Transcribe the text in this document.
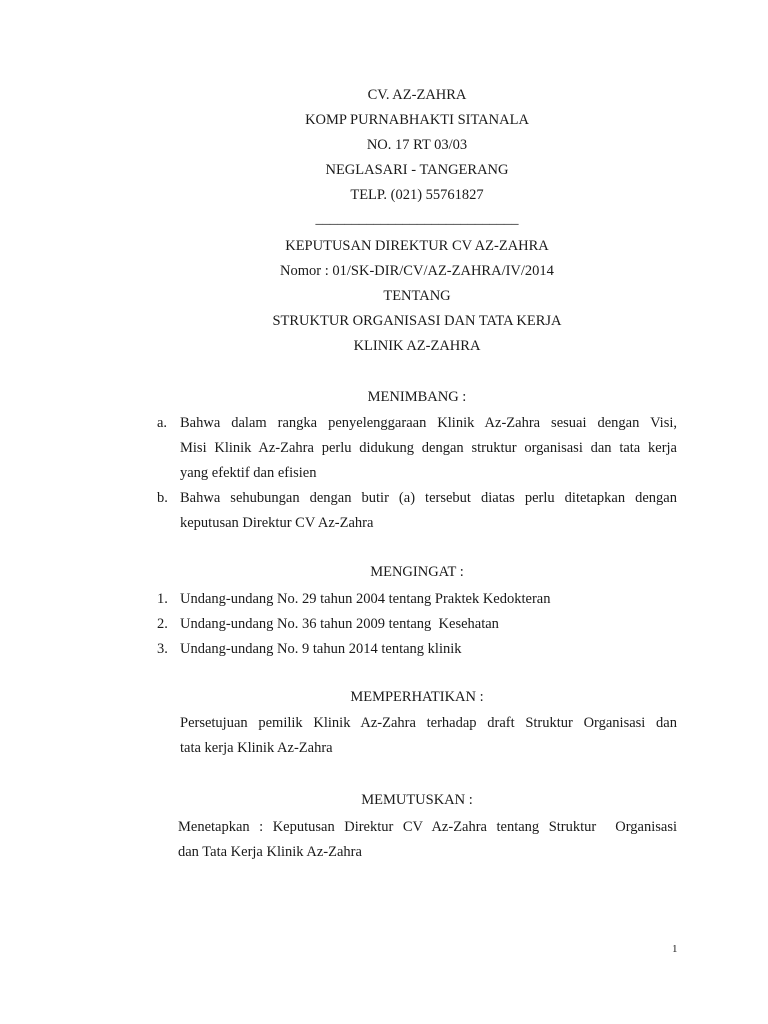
CV. AZ-ZAHRA
KOMP PURNABHAKTI SITANALA
NO. 17 RT 03/03
NEGLASARI - TANGERANG
TELP. (021) 55761827
____________________________
KEPUTUSAN DIREKTUR CV AZ-ZAHRA
Nomor : 01/SK-DIR/CV/AZ-ZAHRA/IV/2014
TENTANG
STRUKTUR ORGANISASI DAN TATA KERJA
KLINIK AZ-ZAHRA
MENIMBANG :
a. Bahwa dalam rangka penyelenggaraan Klinik Az-Zahra sesuai dengan Visi,
Misi Klinik Az-Zahra perlu didukung dengan struktur organisasi dan tata kerja
yang efektif dan efisien
b. Bahwa sehubungan dengan butir (a) tersebut diatas perlu ditetapkan dengan
keputusan Direktur CV Az-Zahra
MENGINGAT :
1. Undang-undang No. 29 tahun 2004 tentang Praktek Kedokteran
2. Undang-undang No. 36 tahun 2009 tentang  Kesehatan
3. Undang-undang No. 9 tahun 2014 tentang klinik
MEMPERHATIKAN :
Persetujuan pemilik Klinik Az-Zahra terhadap draft Struktur Organisasi dan
tata kerja Klinik Az-Zahra
MEMUTUSKAN :
Menetapkan : Keputusan Direktur CV Az-Zahra tentang Struktur  Organisasi
dan Tata Kerja Klinik Az-Zahra
1
